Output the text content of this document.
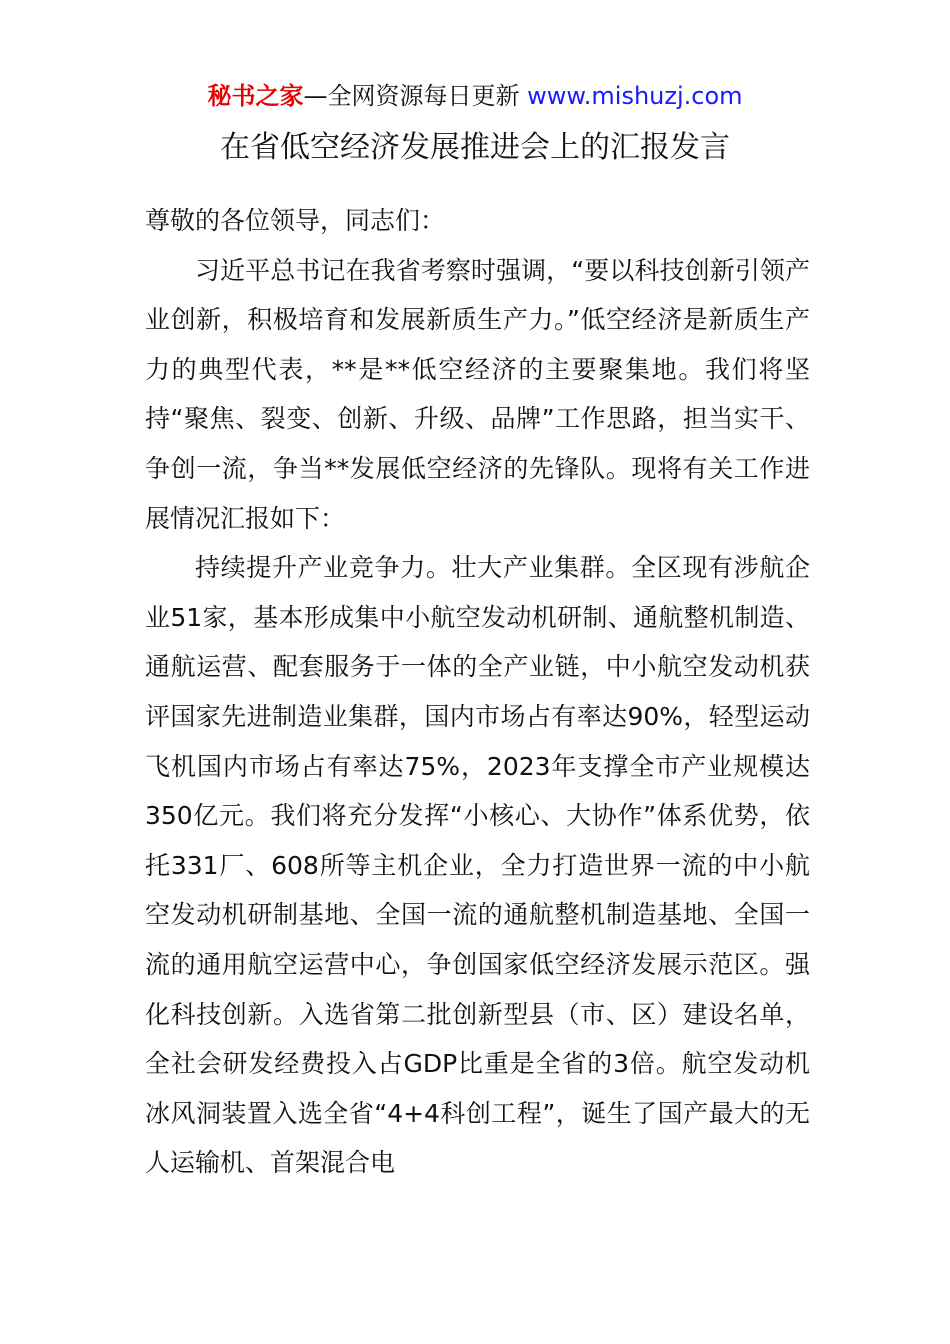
秘书之家—全网资源每日更新 www.mishuzj.com
在省低空经济发展推进会上的汇报发言

尊敬的各位领导，同志们：

习近平总书记在我省考察时强调，“要以科技创新引领产业创新，积极培育和发展新质生产力。”低空经济是新质生产力的典型代表，**是**低空经济的主要聚集地。我们将坚持“聚焦、裂变、创新、升级、品牌”工作思路，担当实干、争创一流，争当**发展低空经济的先锋队。现将有关工作进展情况汇报如下：

持续提升产业竞争力。壮大产业集群。全区现有涉航企业51家，基本形成集中小航空发动机研制、通航整机制造、通航运营、配套服务于一体的全产业链，中小航空发动机获评国家先进制造业集群，国内市场占有率达90%，轻型运动飞机国内市场占有率达75%，2023年支撑全市产业规模达350亿元。我们将充分发挥“小核心、大协作”体系优势，依托331厂、608所等主机企业，全力打造世界一流的中小航空发动机研制基地、全国一流的通航整机制造基地、全国一流的通用航空运营中心，争创国家低空经济发展示范区。强化科技创新。入选省第二批创新型县（市、区）建设名单，全社会研发经费投入占GDP比重是全省的3倍。航空发动机冰风洞装置入选全省“4+4科创工程”，诞生了国产最大的无人运输机、首架混合电
